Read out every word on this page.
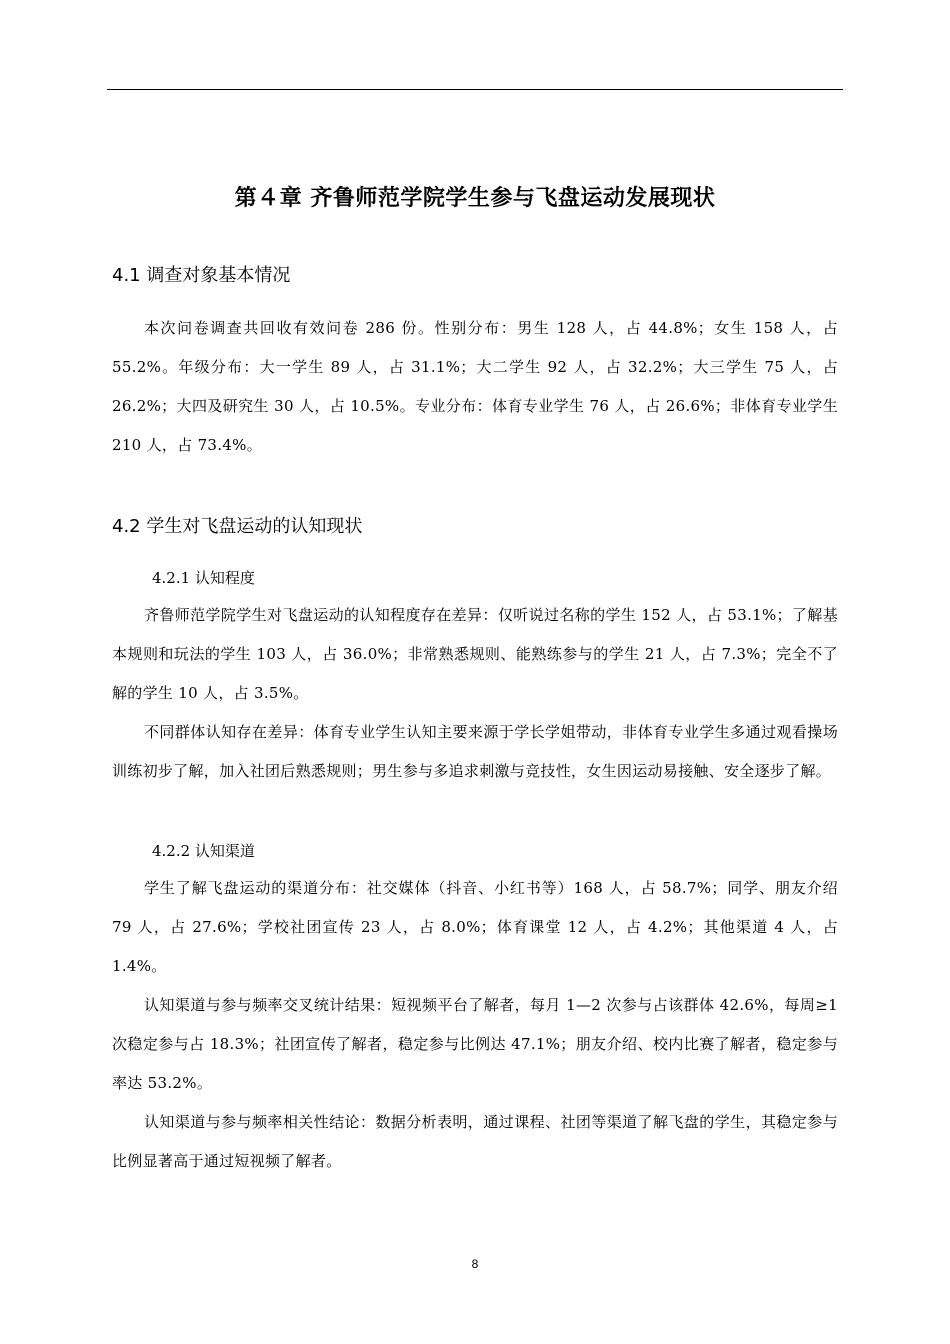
第４章 齐鲁师范学院学生参与飞盘运动发展现状
4.1 调查对象基本情况

本次问卷调查共回收有效问卷 286 份。性别分布：男生 128 人，占 44.8%；女生 158 人，占 55.2%。年级分布：大一学生 89 人，占 31.1%；大二学生 92 人，占 32.2%；大三学生 75 人，占 26.2%；大四及研究生 30 人，占 10.5%。专业分布：体育专业学生 76 人，占 26.6%；非体育专业学生 210 人，占 73.4%。

4.2 学生对飞盘运动的认知现状
4.2.1 认知程度

齐鲁师范学院学生对飞盘运动的认知程度存在差异：仅听说过名称的学生 152 人，占 53.1%；了解基本规则和玩法的学生 103 人，占 36.0%；非常熟悉规则、能熟练参与的学生 21 人，占 7.3%；完全不了解的学生 10 人，占 3.5%。

不同群体认知存在差异：体育专业学生认知主要来源于学长学姐带动，非体育专业学生多通过观看操场训练初步了解，加入社团后熟悉规则；男生参与多追求刺激与竞技性，女生因运动易接触、安全逐步了解。

4.2.2 认知渠道

学生了解飞盘运动的渠道分布：社交媒体（抖音、小红书等）168 人，占 58.7%；同学、朋友介绍 79 人，占 27.6%；学校社团宣传 23 人，占 8.0%；体育课堂 12 人，占 4.2%；其他渠道 4 人，占 1.4%。

认知渠道与参与频率交叉统计结果：短视频平台了解者，每月 1—2 次参与占该群体 42.6%，每周≥1 次稳定参与占 18.3%；社团宣传了解者，稳定参与比例达 47.1%；朋友介绍、校内比赛了解者，稳定参与率达 53.2%。

认知渠道与参与频率相关性结论：数据分析表明，通过课程、社团等渠道了解飞盘的学生，其稳定参与比例显著高于通过短视频了解者。

8
